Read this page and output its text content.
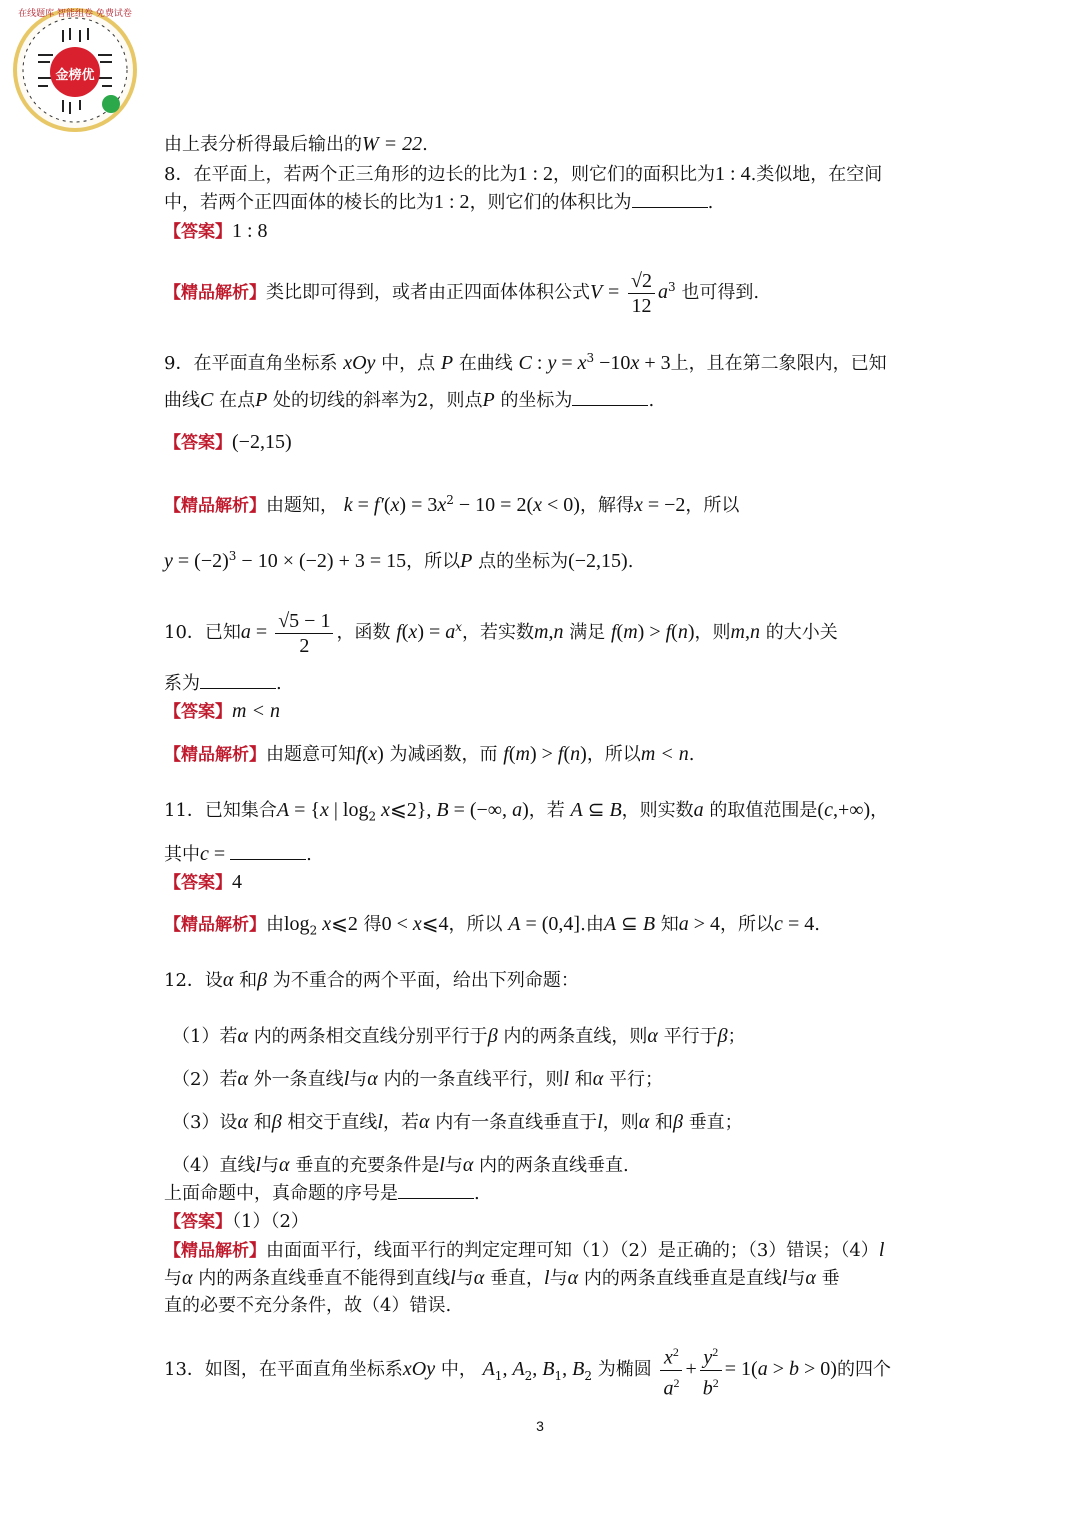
金榜优
在线题库 智能组卷 免费试卷
由上表分析得最后输出的W = 22.
8．在平面上，若两个正三角形的边长的比为1 : 2，则它们的面积比为1 : 4.类似地，在空间
中，若两个正四面体的棱长的比为1 : 2，则它们的体积比为	.
【答案】1 : 8
【精品解析】类比即可得到，或者由正四面体体积公式$V = \frac{√2}{12} a^3$ 也可得到.
9．在平面直角坐标系 xOy 中，点 P 在曲线 C : $y = x^3 -10x + 3$上，且在第二象限内，已知
曲线C 在点P 处的切线的斜率为2，则点P 的坐标为	.
【答案】(−2,15)
【精品解析】由题知， $k = f'(x) = 3x^2 - 10 = 2(x < 0)$，解得x = −2，所以
$y = (-2)^3 - 10 \times (-2) + 3 = 15$，所以P 点的坐标为(−2,15).
10．已知$a = \frac{√5 - 1}{2}$ ，函数 $f(x) = a^x$，若实数m,n 满足 f(m) > f(n)，则m,n 的大小关
系为	.
【答案】m < n
【精品解析】由题意可知f(x) 为减函数，而 f(m) > f(n)，所以m < n.
11．已知集合A = {x | $\log_2$ x⩽2}, B = (−∞, a)，若 A ⊆ B，则实数a 的取值范围是(c,+∞)，
其中c =	.
【答案】4
【精品解析】由$\log_2$ x⩽2 得0 < x⩽4，所以 A = (0,4].由A ⊆ B 知a > 4，所以c = 4.
12．设α 和β 为不重合的两个平面，给出下列命题：
（1）若α 内的两条相交直线分别平行于β 内的两条直线，则α 平行于β；
（2）若α 外一条直线l与α 内的一条直线平行，则l 和α 平行；
（3）设α 和β 相交于直线l，若α 内有一条直线垂直于l，则α 和β 垂直；
（4）直线l与α 垂直的充要条件是l与α 内的两条直线垂直.
上面命题中，真命题的序号是	.
【答案】（1）（2）
【精品解析】由面面平行，线面平行的判定定理可知（1）（2）是正确的；（3）错误；（4）l
与α 内的两条直线垂直不能得到直线l与α 垂直，l与α 内的两条直线垂直是直线l与α 垂
直的必要不充分条件，故（4）错误.
13．如图，在平面直角坐标系xOy 中， $A_1$, $A_2$, $B_1$, $B_2$ 为椭圆 $\frac{x^2}{a^2} + \frac{y^2}{b^2} = 1(a > b > 0)$的四个
3
